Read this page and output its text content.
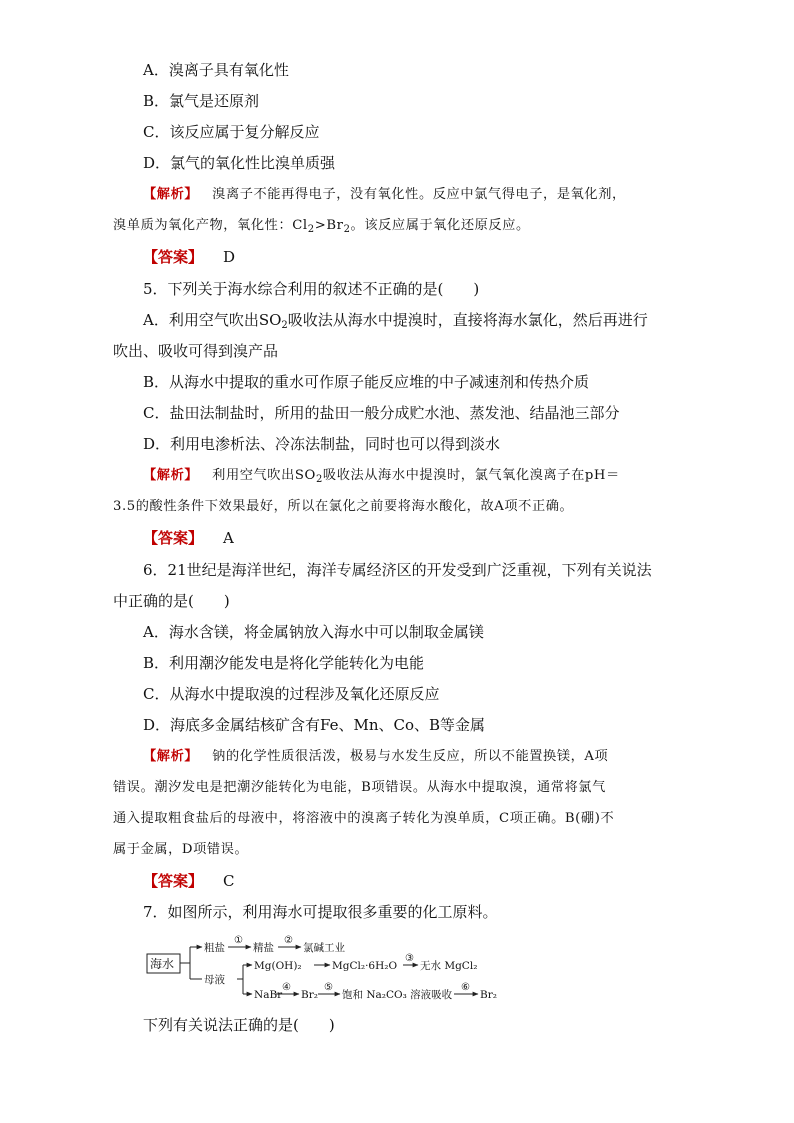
A．溴离子具有氧化性
B．氯气是还原剂
C．该反应属于复分解反应
D．氯气的氧化性比溴单质强
【解析】 溴离子不能再得电子，没有氧化性。反应中氯气得电子，是氧化剂，
溴单质为氧化产物，氧化性：$Cl_2>Br_2$。该反应属于氧化还原反应。
【答案】 D
5．下列关于海水综合利用的叙述不正确的是(　　)
A．利用空气吹出$SO_2$吸收法从海水中提溴时，直接将海水氯化，然后再进行
吹出、吸收可得到溴产品
B．从海水中提取的重水可作原子能反应堆的中子减速剂和传热介质
C．盐田法制盐时，所用的盐田一般分成贮水池、蒸发池、结晶池三部分
D．利用电渗析法、冷冻法制盐，同时也可以得到淡水
【解析】 利用空气吹出$SO_2$吸收法从海水中提溴时，氯气氧化溴离子在pH＝
3.5的酸性条件下效果最好，所以在氯化之前要将海水酸化，故A项不正确。
【答案】 A
6．21世纪是海洋世纪，海洋专属经济区的开发受到广泛重视，下列有关说法
中正确的是(　　)
A．海水含镁，将金属钠放入海水中可以制取金属镁
B．利用潮汐能发电是将化学能转化为电能
C．从海水中提取溴的过程涉及氧化还原反应
D．海底多金属结核矿含有Fe、Mn、Co、B等金属
【解析】 钠的化学性质很活泼，极易与水发生反应，所以不能置换镁，A项
错误。潮汐发电是把潮汐能转化为电能，B项错误。从海水中提取溴，通常将氯气
通入提取粗食盐后的母液中，将溶液中的溴离子转化为溴单质，C项正确。B(硼)不
属于金属，D项错误。
【答案】 C
7．如图所示，利用海水可提取很多重要的化工原料。
海水
粗盐	精盐	氯碱工业
母液
Mg(OH)₂	MgCl₂·6H₂O 无水 MgCl₂
NaBr Br₂ 饱和 Na₂CO₃ 溶液吸收	Br₂
①	②
③
④	⑤	⑥
下列有关说法正确的是(　　)
